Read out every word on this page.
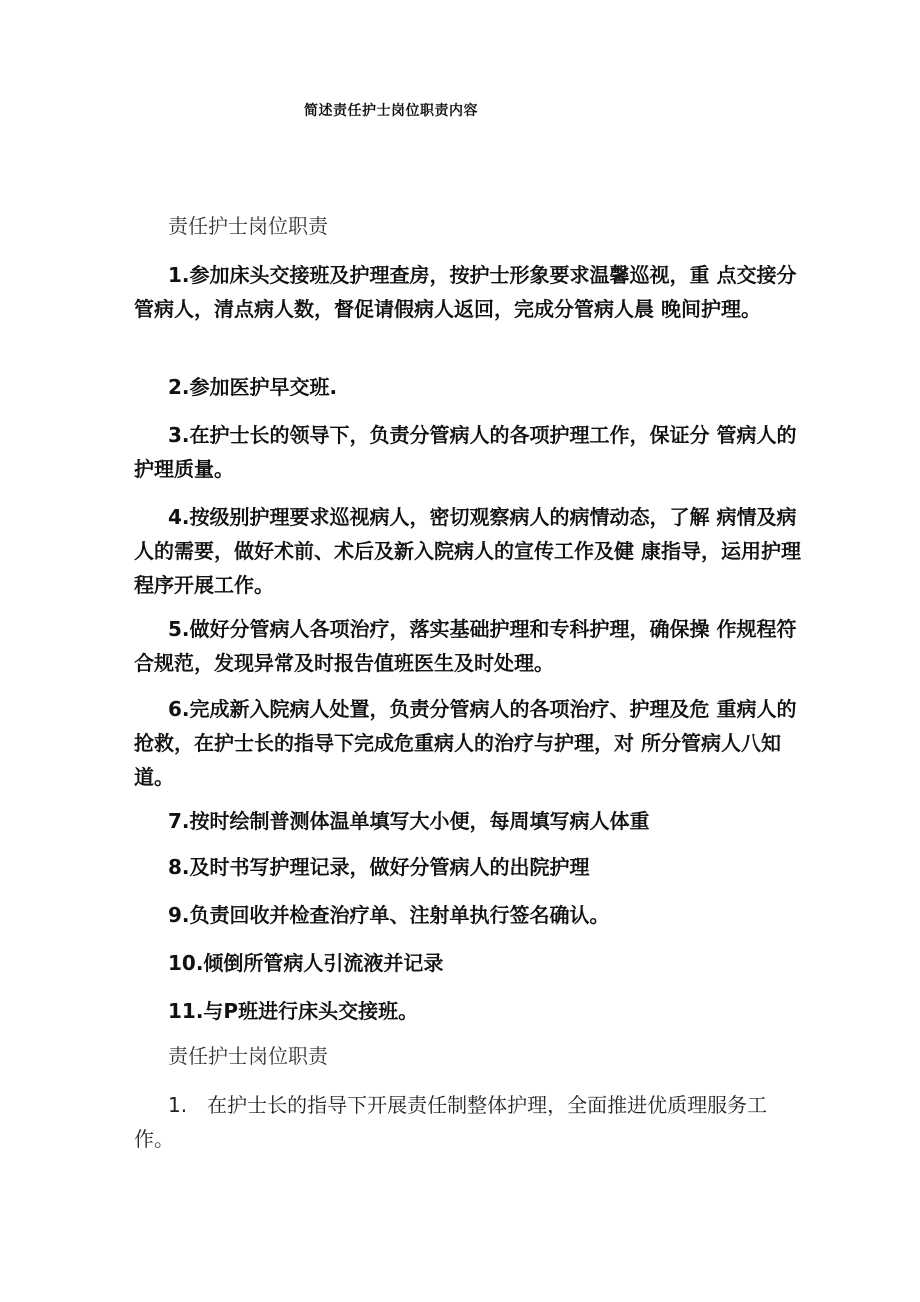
简述责任护士岗位职责内容
责任护士岗位职责

1.参加床头交接班及护理查房，按护士形象要求温馨巡视，重 点交接分管病人，清点病人数，督促请假病人返回，完成分管病人晨 晚间护理。

2.参加医护早交班.

3.在护士长的领导下，负责分管病人的各项护理工作，保证分 管病人的护理质量。

4.按级别护理要求巡视病人，密切观察病人的病情动态，了解 病情及病人的需要，做好术前、术后及新入院病人的宣传工作及健 康指导，运用护理程序开展工作。

5.做好分管病人各项治疗，落实基础护理和专科护理，确保操 作规程符合规范，发现异常及时报告值班医生及时处理。

6.完成新入院病人处置，负责分管病人的各项治疗、护理及危 重病人的抢救，在护士长的指导下完成危重病人的治疗与护理，对 所分管病人八知道。

7.按时绘制普测体温单填写大小便，每周填写病人体重

8.及时书写护理记录，做好分管病人的出院护理

9.负责回收并检查治疗单、注射单执行签名确认。

10.倾倒所管病人引流液并记录

11.与P班进行床头交接班。

责任护士岗位职责

1.　在护士长的指导下开展责任制整体护理，全面推进优质理服务工作。
